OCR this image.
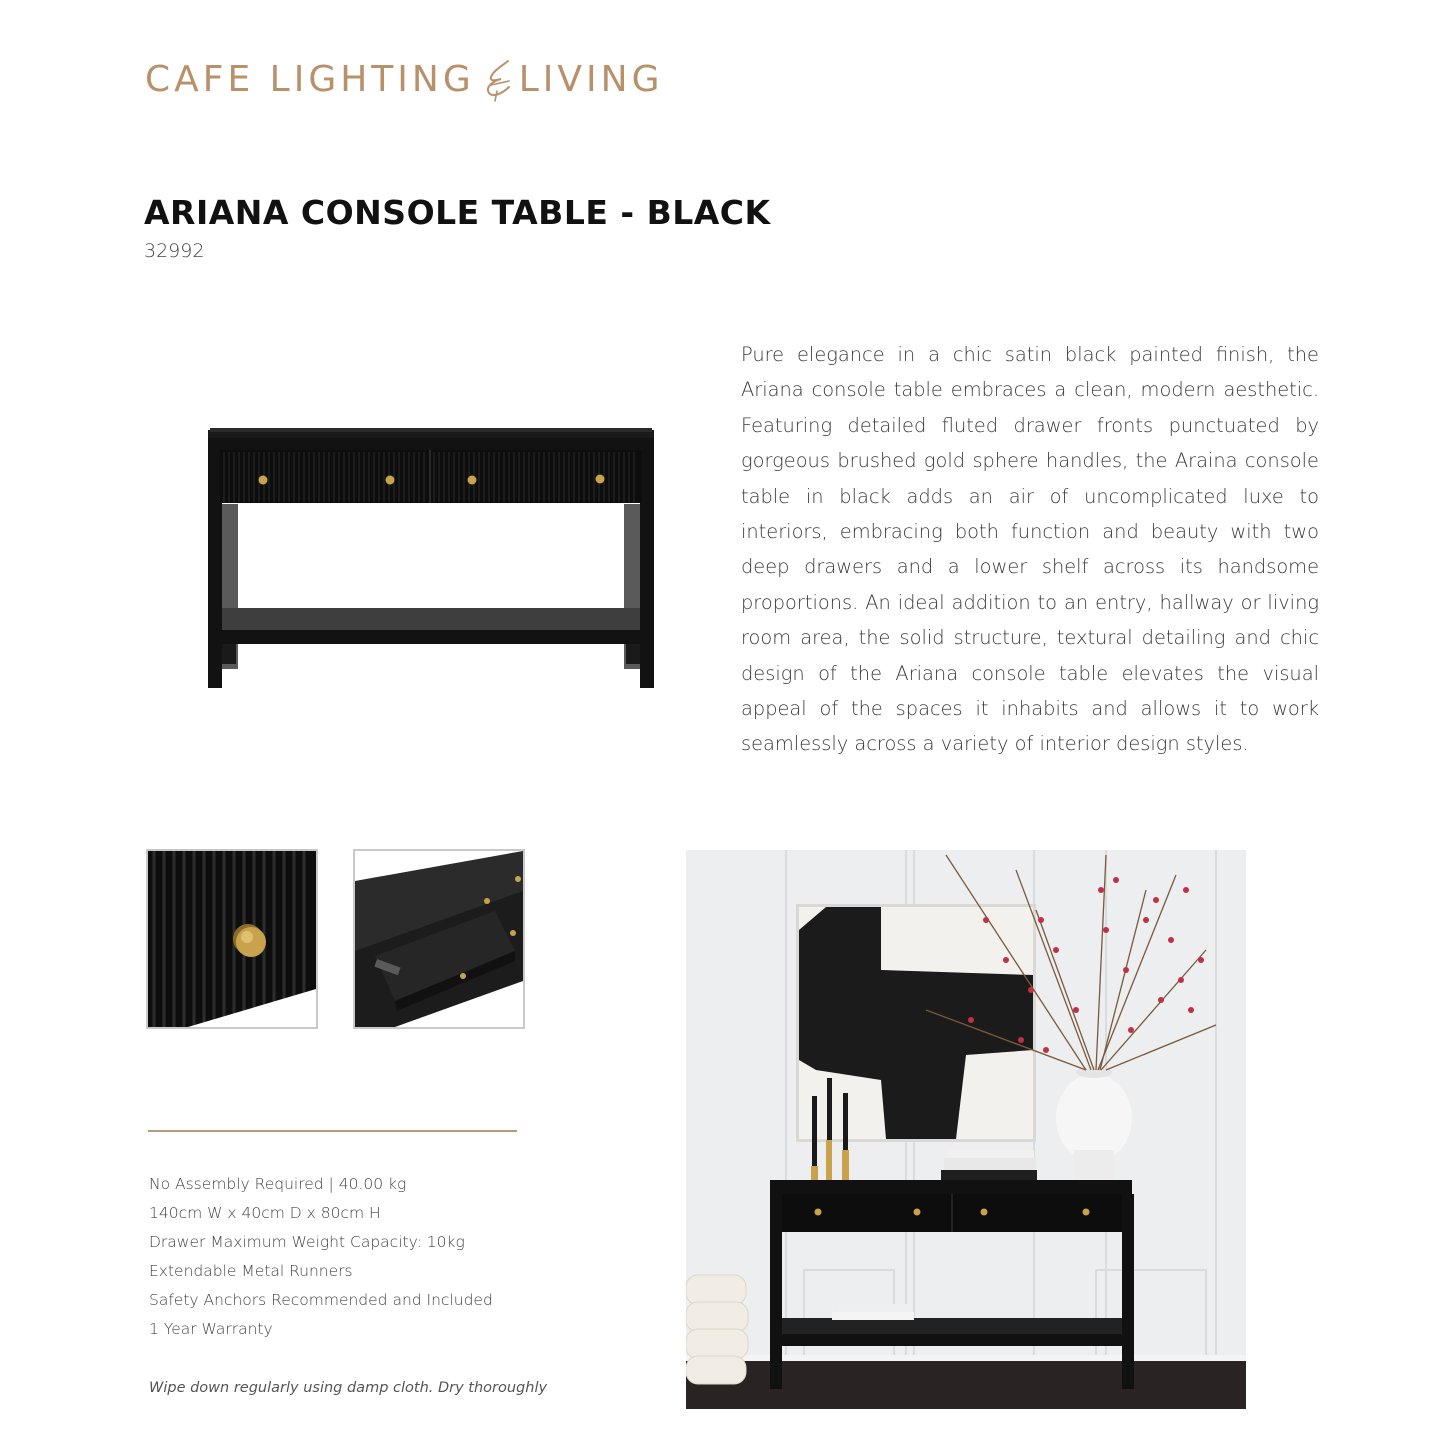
CAFE LIGHTING LIVING
ARIANA CONSOLE TABLE - BLACK
32992

Pure elegance in a chic satin black painted finish, the Ariana console table embraces a clean, modern aesthetic. Featuring detailed fluted drawer fronts punctuated by gorgeous brushed gold sphere handles, the Araina console table in black adds an air of uncomplicated luxe to interiors, embracing both function and beauty with two deep drawers and a lower shelf across its handsome proportions. An ideal addition to an entry, hallway or living room area, the solid structure, textural detailing and chic design of the Ariana console table elevates the visual appeal of the spaces it inhabits and allows it to work seamlessly across a variety of interior design styles.

No Assembly Required | 40.00 kg
140cm W x 40cm D x 80cm H
Drawer Maximum Weight Capacity: 10kg
Extendable Metal Runners
Safety Anchors Recommended and Included
1 Year Warranty
Wipe down regularly using damp cloth. Dry thoroughly
